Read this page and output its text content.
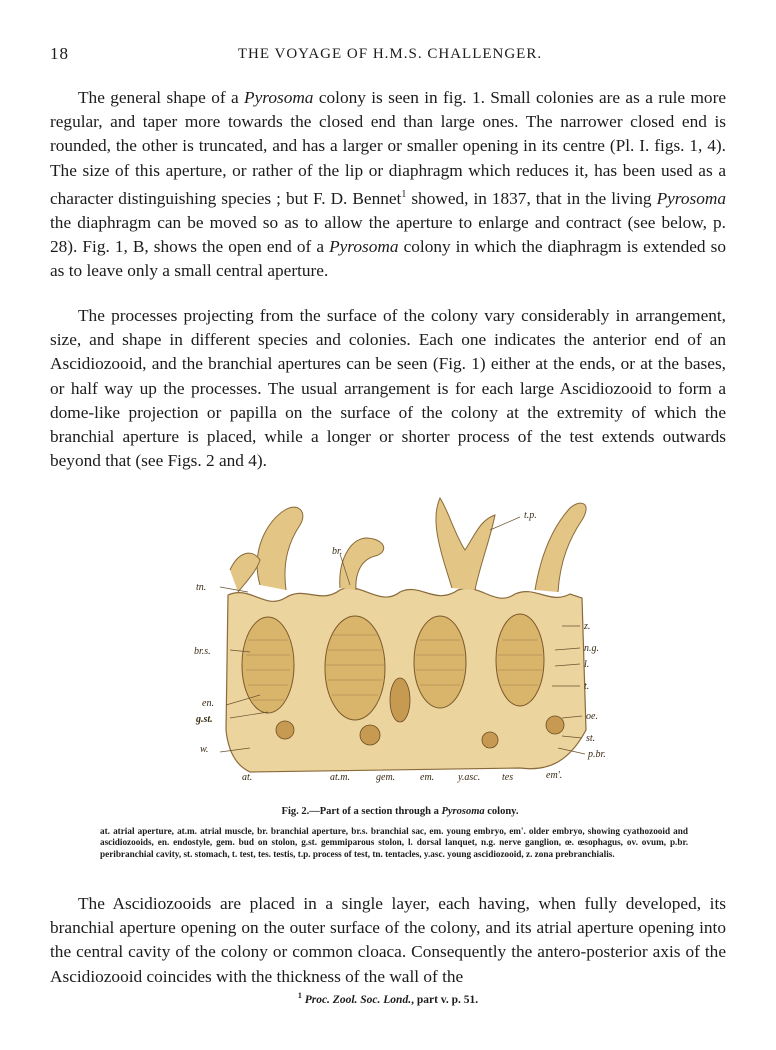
18	THE VOYAGE OF H.M.S. CHALLENGER.

The general shape of a Pyrosoma colony is seen in fig. 1. Small colonies are as a rule more regular, and taper more towards the closed end than large ones. The narrower closed end is rounded, the other is truncated, and has a larger or smaller opening in its centre (Pl. I. figs. 1, 4). The size of this aperture, or rather of the lip or diaphragm which reduces it, has been used as a character distinguishing species ; but F. D. Bennet$^1$ showed, in 1837, that in the living Pyrosoma the diaphragm can be moved so as to allow the aperture to enlarge and contract (see below, p. 28). Fig. 1, B, shows the open end of a Pyrosoma colony in which the diaphragm is extended so as to leave only a small central aperture.

The processes projecting from the surface of the colony vary considerably in arrangement, size, and shape in different species and colonies. Each one indicates the anterior end of an Ascidiozooid, and the branchial apertures can be seen (Fig. 1) either at the ends, or at the bases, or half way up the processes. The usual arrangement is for each large Ascidiozooid to form a dome-like projection or papilla on the surface of the colony at the extremity of which the branchial aperture is placed, while a longer or shorter process of the test extends outwards beyond that (see Figs. 2 and 4).

t.p.
br.
tn.
br.s.
en.
g.st.
w.
at.	at.m.	gem. em. y.asc. tes	em'.
z.
n.g.
l.
t.
oe.
st.
p.br.
Fig. 2.—Part of a section through a Pyrosoma colony.
at. atrial aperture, at.m. atrial muscle, br. branchial aperture, br.s. branchial sac, em. young embryo, em'. older embryo, showing cyathozooid and ascidiozooids, en. endostyle, gem. bud on stolon, g.st. gemmiparous stolon, l. dorsal lanquet, n.g. nerve ganglion, œ. œsophagus, ov. ovum, p.br. peribranchial cavity, st. stomach, t. test, tes. testis, t.p. process of test, tn. tentacles, y.asc. young ascidiozooid, z. zona prebranchialis.

The Ascidiozooids are placed in a single layer, each having, when fully developed, its branchial aperture opening on the outer surface of the colony, and its atrial aperture opening into the central cavity of the colony or common cloaca. Consequently the antero-posterior axis of the Ascidiozooid coincides with the thickness of the wall of the

$^1$ Proc. Zool. Soc. Lond., part v. p. 51.
